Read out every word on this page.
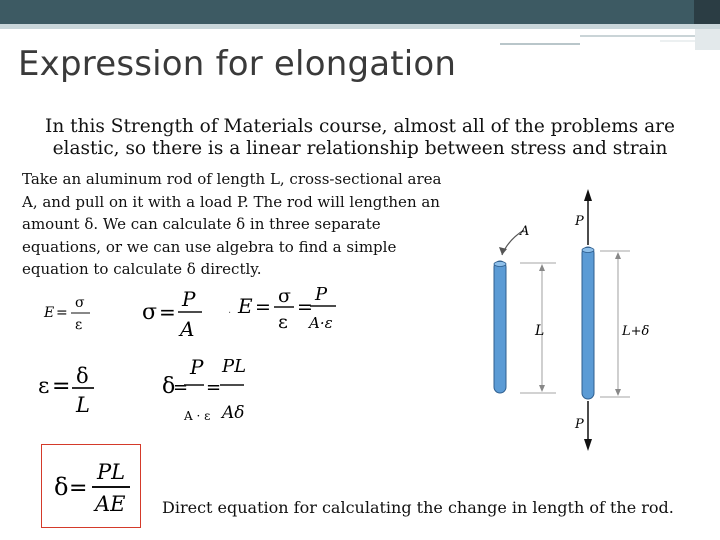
Expression for elongation
In this Strength of Materials course, almost all of the problems are elastic, so there is a linear relationship between stress and strain
Take an aluminum rod of length L, cross-sectional area A, and pull on it with a load P. The rod will lengthen an amount δ. We can calculate δ in three separate equations, or we can use algebra to find a simple equation to calculate δ directly.
E =
σ
ε	σ =
P
A
. E = σ
ε
=
P
A·ε
ε = δ
L
δ
=
P
A · ε
=
PL
Aδ
δ =
PL
AE Direct equation for calculating the change in length of the rod.
A
L	L+δ
P
P
